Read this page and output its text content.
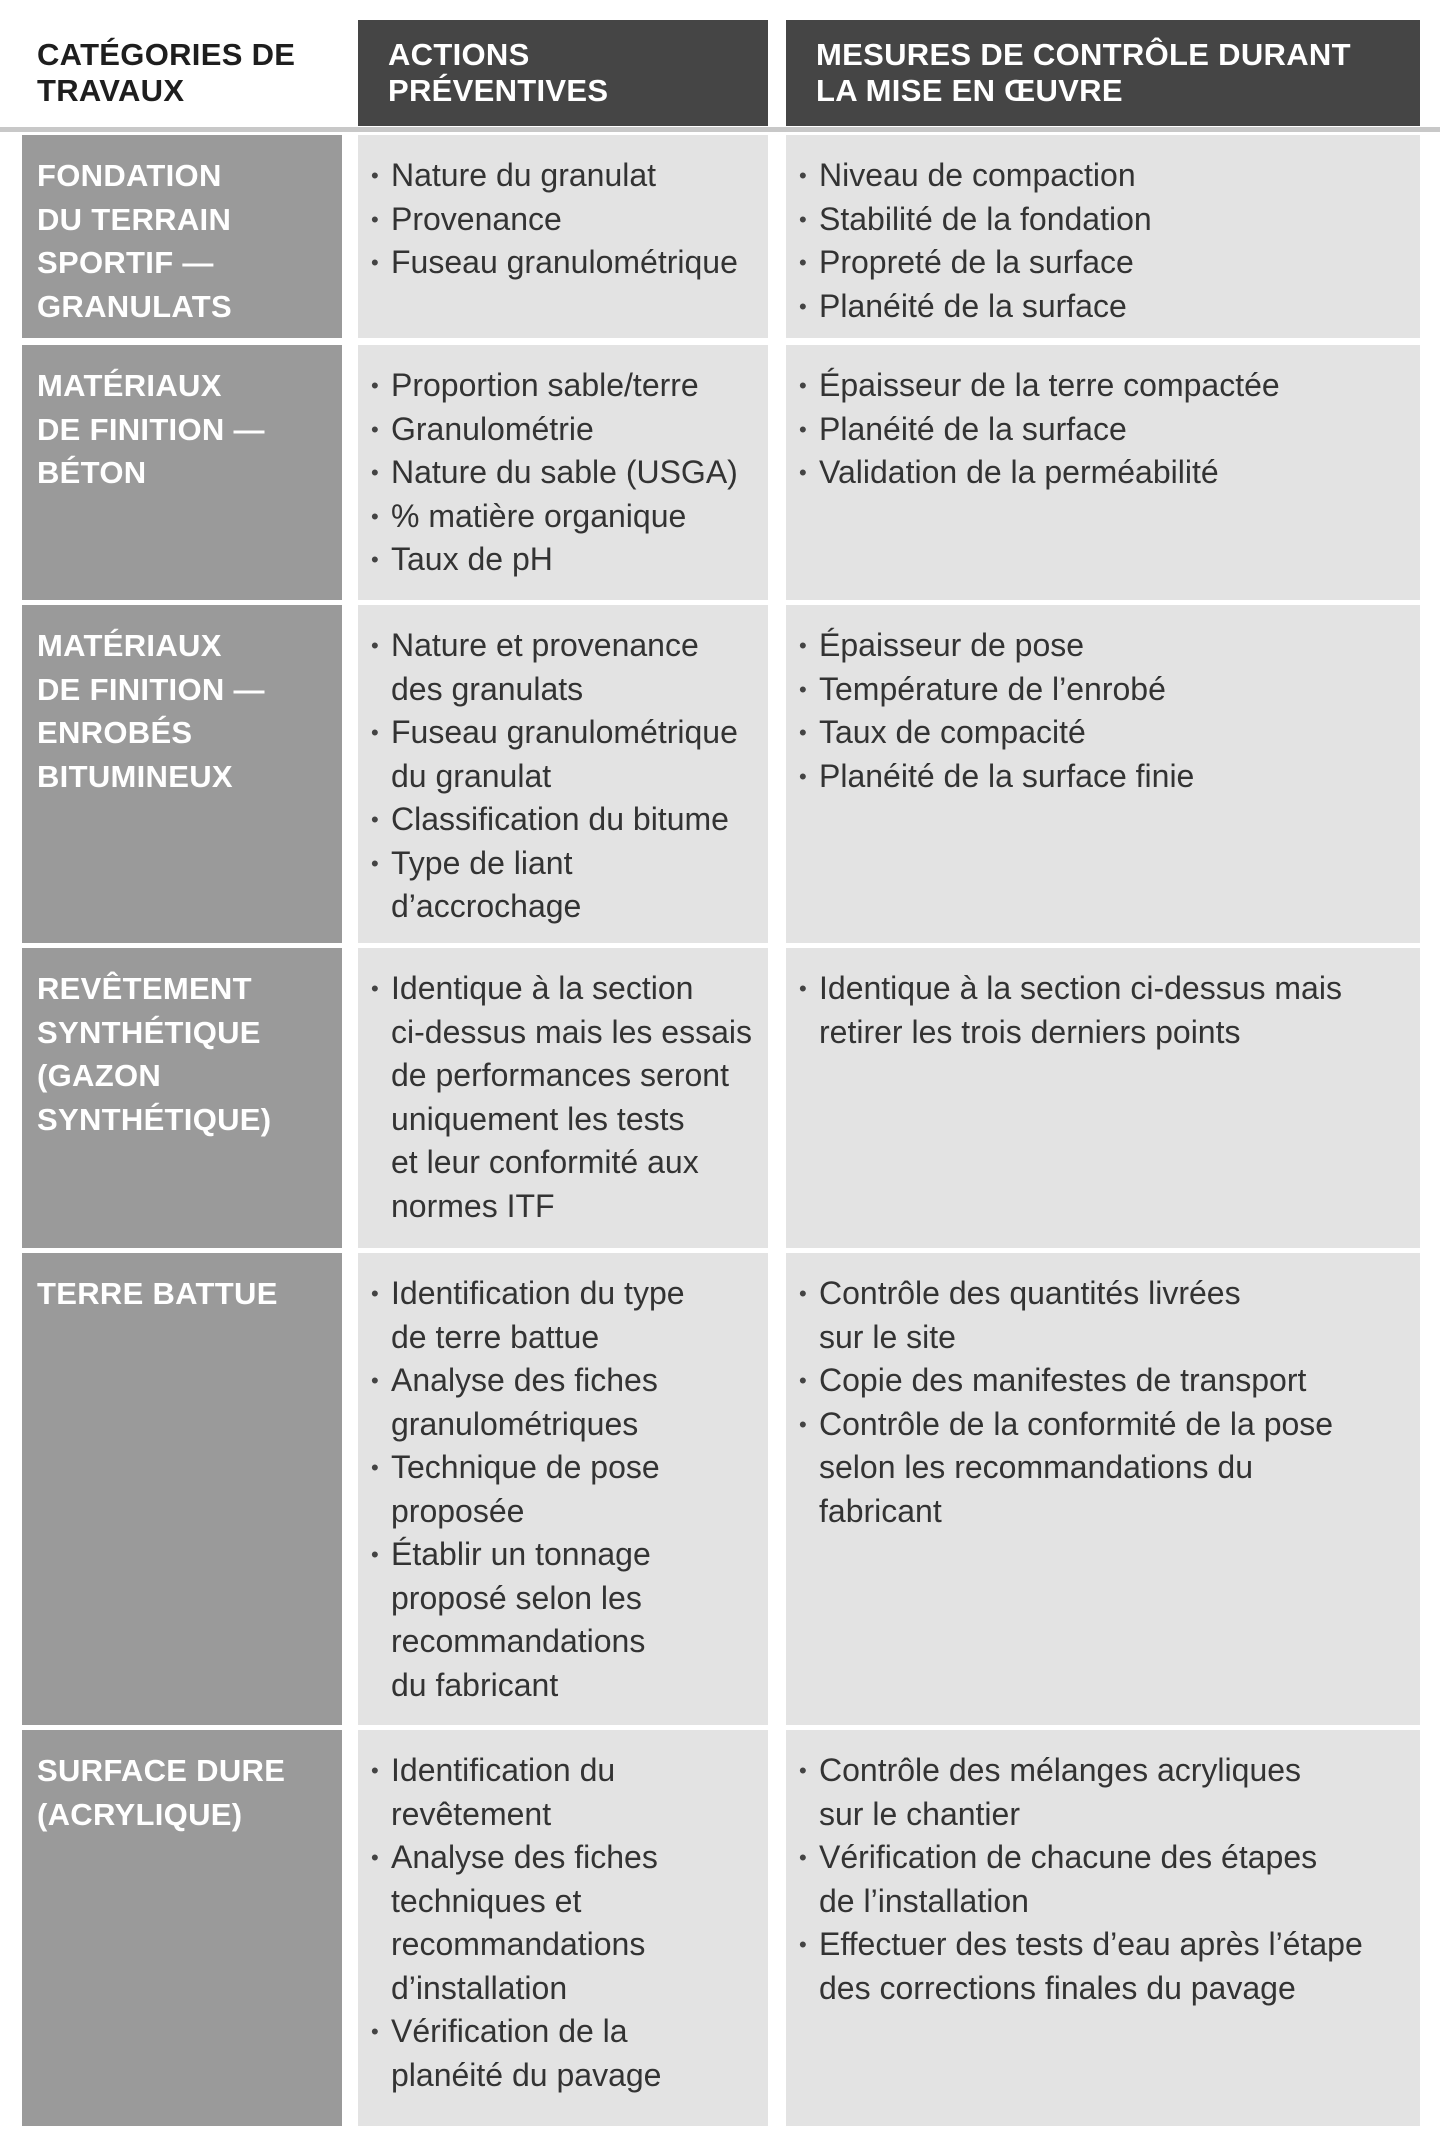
CATÉGORIES DE TRAVAUX
ACTIONS
PRÉVENTIVES
MESURES DE CONTRÔLE DURANT
LA MISE EN ŒUVRE
FONDATION
DU TERRAIN
SPORTIF —
GRANULATS
• Nature du granulat
• Provenance
• Fuseau granulométrique
• Niveau de compaction
• Stabilité de la fondation
• Propreté de la surface
• Planéité de la surface
MATÉRIAUX
DE FINITION —
BÉTON
• Proportion sable/terre
• Granulométrie
• Nature du sable (USGA)
• % matière organique
• Taux de pH
• Épaisseur de la terre compactée
• Planéité de la surface
• Validation de la perméabilité
MATÉRIAUX
DE FINITION —
ENROBÉS
BITUMINEUX
• Nature et provenance
des granulats
• Fuseau granulométrique
du granulat
• Classification du bitume
• Type de liant
d’accrochage
• Épaisseur de pose
• Température de l’enrobé
• Taux de compacité
• Planéité de la surface finie
REVÊTEMENT
SYNTHÉTIQUE
(GAZON
SYNTHÉTIQUE)
• Identique à la section
ci-dessus mais les essais
de performances seront
uniquement les tests
et leur conformité aux
normes ITF
• Identique à la section ci-dessus mais
retirer les trois derniers points
TERRE BATTUE
•	Identification du type
de terre battue
• Analyse des fiches
granulométriques
• Technique de pose
proposée
• Établir un tonnage
proposé selon les
recommandations
du fabricant
• Contrôle des quantités livrées
sur le site
• Copie des manifestes de transport
• Contrôle de la conformité de la pose
selon les recommandations du
fabricant
SURFACE DURE
(ACRYLIQUE)
• Identification du
revêtement
• Analyse des fiches
techniques et
recommandations
d’installation
• Vérification de la
planéité du pavage
• Contrôle des mélanges acryliques
sur le chantier
• Vérification de chacune des étapes
de l’installation
• Effectuer des tests d’eau après l’étape
des corrections finales du pavage
